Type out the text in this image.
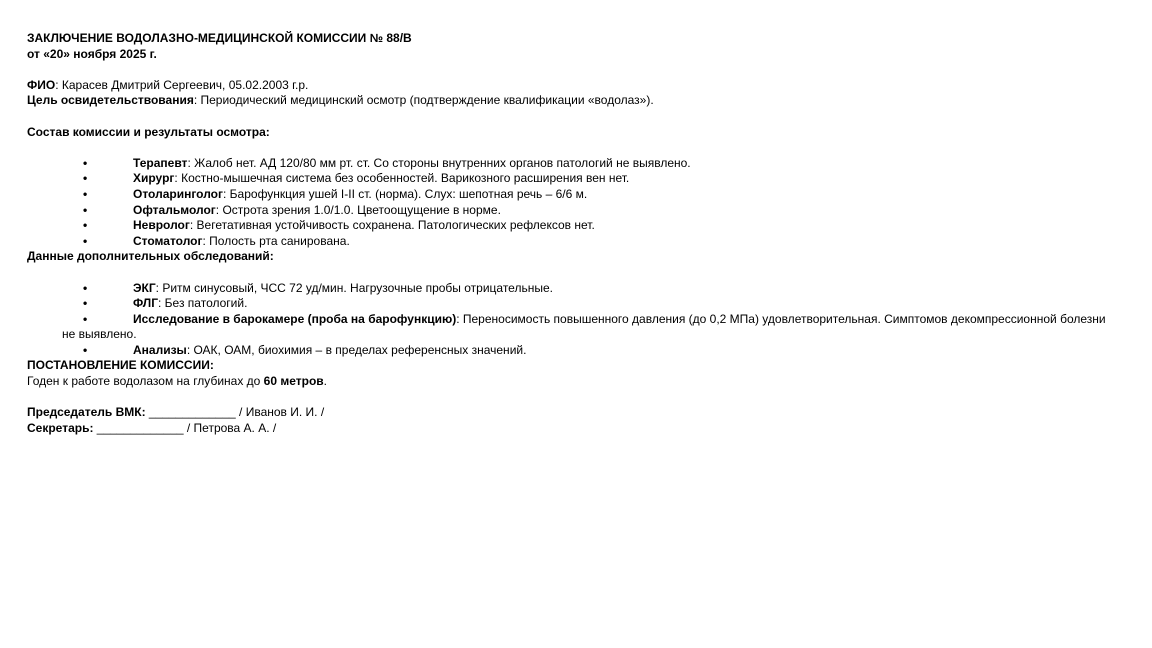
ЗАКЛЮЧЕНИЕ ВОДОЛАЗНО-МЕДИЦИНСКОЙ КОМИССИИ № 88/В

от «20» ноября 2025 г.

ФИО: Карасев Дмитрий Сергеевич, 05.02.2003 г.р.

Цель освидетельствования: Периодический медицинский осмотр (подтверждение квалификации «водолаз»).

Состав комиссии и результаты осмотра:

•	Терапевт: Жалоб нет. АД 120/80 мм рт. ст. Со стороны внутренних органов патологий не выявлено.

•	Хирург: Костно-мышечная система без особенностей. Варикозного расширения вен нет.

•	Отоларинголог: Барофункция ушей I-II ст. (норма). Слух: шепотная речь – 6/6 м.

•	Офтальмолог: Острота зрения 1.0/1.0. Цветоощущение в норме.

•	Невролог: Вегетативная устойчивость сохранена. Патологических рефлексов нет.

•	Стоматолог: Полость рта санирована.

Данные дополнительных обследований:

•	ЭКГ: Ритм синусовый, ЧСС 72 уд/мин. Нагрузочные пробы отрицательные.

•	ФЛГ: Без патологий.

•	Исследование в барокамере (проба на барофункцию): Переносимость повышенного давления (до 0,2 МПа) удовлетворительная. Симптомов декомпрессионной болезни не выявлено.

•	Анализы: ОАК, ОАМ, биохимия – в пределах референсных значений.

ПОСТАНОВЛЕНИЕ КОМИССИИ:

Годен к работе водолазом на глубинах до 60 метров.

Председатель ВМК: _____________ / Иванов И. И. /

Секретарь: _____________ / Петрова А. А. /
